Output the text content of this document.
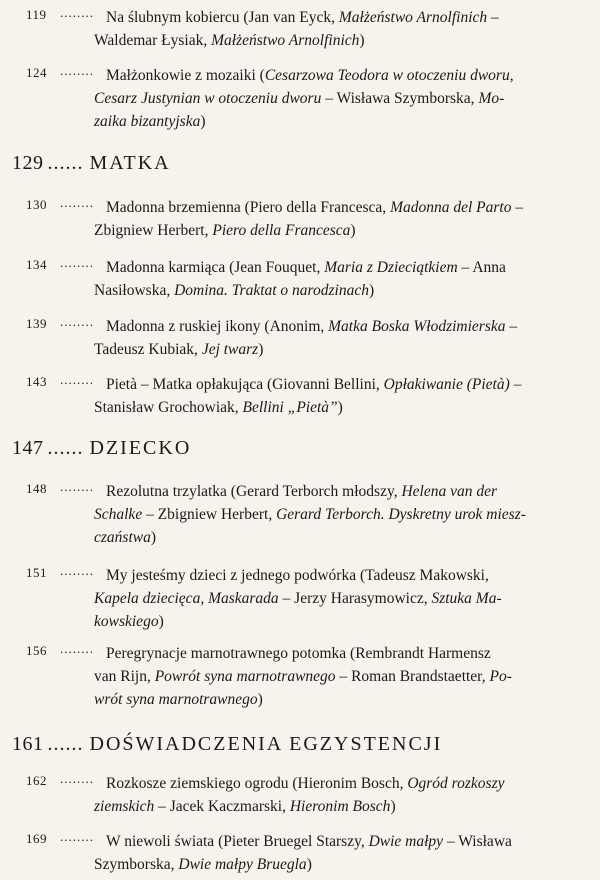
119 ........ Na ślubnym kobiercu (Jan van Eyck, Małżeństwo Arnolfinich –
Waldemar Łysiak, Małżeństwo Arnolfinich)
124 ........ Małżonkowie z mozaiki (Cesarzowa Teodora w otoczeniu dworu,
Cesarz Justynian w otoczeniu dworu – Wisława Szymborska, Mo-
zaika bizantyjska)
129 ...... MATKA
130 ........ Madonna brzemienna (Piero della Francesca, Madonna del Parto –
Zbigniew Herbert, Piero della Francesca)
134 ........ Madonna karmiąca (Jean Fouquet, Maria z Dzieciątkiem – Anna
Nasiłowska, Domina. Traktat o narodzinach)
139 ........ Madonna z ruskiej ikony (Anonim, Matka Boska Włodzimierska –
Tadeusz Kubiak, Jej twarz)
143 ........ Pietà – Matka opłakująca (Giovanni Bellini, Opłakiwanie (Pietà) –
Stanisław Grochowiak, Bellini „Pietà”)
147 ...... DZIECKO
148 ........ Rezolutna trzylatka (Gerard Terborch młodszy, Helena van der
Schalke – Zbigniew Herbert, Gerard Terborch. Dyskretny urok miesz-
czaństwa)
151 ........ My jesteśmy dzieci z jednego podwórka (Tadeusz Makowski,
Kapela dziecięca, Maskarada – Jerzy Harasymowicz, Sztuka Ma-
kowskiego)
156 ........ Peregrynacje marnotrawnego potomka (Rembrandt Harmensz
van Rijn, Powrót syna marnotrawnego – Roman Brandstaetter, Po-
wrót syna marnotrawnego)
161 ...... DOŚWIADCZENIA EGZYSTENCJI
162 ........ Rozkosze ziemskiego ogrodu (Hieronim Bosch, Ogród rozkoszy
ziemskich – Jacek Kaczmarski, Hieronim Bosch)
169 ........ W niewoli świata (Pieter Bruegel Starszy, Dwie małpy – Wisława
Szymborska, Dwie małpy Bruegla)
